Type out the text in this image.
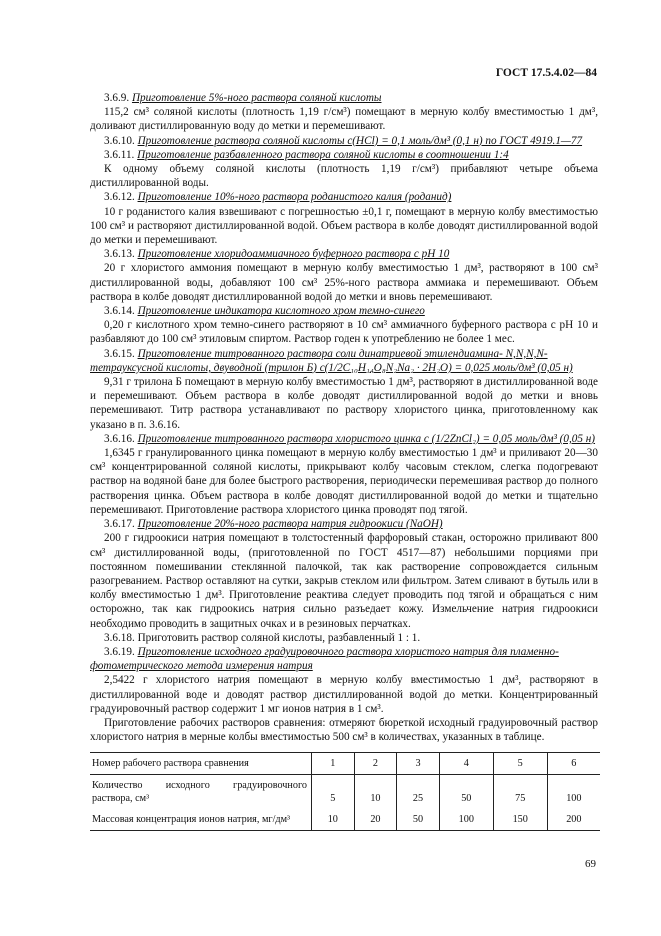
ГОСТ 17.5.4.02—84

3.6.9. Приготовление 5%-ного раствора соляной кислоты

115,2 см³ соляной кислоты (плотность 1,19 г/см³) помещают в мерную колбу вместимостью 1 дм³, доливают дистиллированную воду до метки и перемешивают.

3.6.10. Приготовление раствора соляной кислоты c(HCl) = 0,1 моль/дм³ (0,1 н) по ГОСТ 4919.1—77

3.6.11. Приготовление разбавленного раствора соляной кислоты в соотношении 1:4

К одному объему соляной кислоты (плотность 1,19 г/см³) прибавляют четыре объема дистиллированной воды.

3.6.12. Приготовление 10%-ного раствора роданистого калия (роданид)

10 г роданистого калия взвешивают с погрешностью ±0,1 г, помещают в мерную колбу вместимостью 100 см³ и растворяют дистиллированной водой. Объем раствора в колбе доводят дистиллированной водой до метки и перемешивают.

3.6.13. Приготовление хлоридоаммиачного буферного раствора с pH 10

20 г хлористого аммония помещают в мерную колбу вместимостью 1 дм³, растворяют в 100 см³ дистиллированной воды, добавляют 100 см³ 25%-ного раствора аммиака и перемешивают. Объем раствора в колбе доводят дистиллированной водой до метки и вновь перемешивают.

3.6.14. Приготовление индикатора кислотного хром темно-синего

0,20 г кислотного хром темно-синего растворяют в 10 см³ аммиачного буферного раствора с pH 10 и разбавляют до 100 см³ этиловым спиртом. Раствор годен к употреблению не более 1 мес.

3.6.15. Приготовление титрованного раствора соли динатриевой этилендиамина- N,N,N,N-тетрауксусной кислоты, двуводной (трилон Б) c(1/2C₁₀H₁₄O₈N₂Na₂ · 2H₂O) = 0,025 моль/дм³ (0,05 н)

9,31 г трилона Б помещают в мерную колбу вместимостью 1 дм³, растворяют в дистиллированной воде и перемешивают. Объем раствора в колбе доводят дистиллированной водой до метки и вновь перемешивают. Титр раствора устанавливают по раствору хлористого цинка, приготовленному как указано в п. 3.6.16.

3.6.16. Приготовление титрованного раствора хлористого цинка c (1/2ZnCl₂) = 0,05 моль/дм³ (0,05 н)

1,6345 г гранулированного цинка помещают в мерную колбу вместимостью 1 дм³ и приливают 20—30 см³ концентрированной соляной кислоты, прикрывают колбу часовым стеклом, слегка подогревают раствор на водяной бане для более быстрого растворения, периодически перемешивая раствор до полного растворения цинка. Объем раствора в колбе доводят дистиллированной водой до метки и тщательно перемешивают. Приготовление раствора хлористого цинка проводят под тягой.

3.6.17. Приготовление 20%-ного раствора натрия гидроокиси (NaOH)

200 г гидроокиси натрия помещают в толстостенный фарфоровый стакан, осторожно приливают 800 см³ дистиллированной воды, (приготовленной по ГОСТ 4517—87) небольшими порциями при постоянном помешивании стеклянной палочкой, так как растворение сопровождается сильным разогреванием. Раствор оставляют на сутки, закрыв стеклом или фильтром. Затем сливают в бутыль или в колбу вместимостью 1 дм³. Приготовление реактива следует проводить под тягой и обращаться с ним осторожно, так как гидроокись натрия сильно разъедает кожу. Измельчение натрия гидроокиси необходимо проводить в защитных очках и в резиновых перчатках.

3.6.18. Приготовить раствор соляной кислоты, разбавленный 1 : 1.

3.6.19. Приготовление исходного градуировочного раствора хлористого натрия для пламенно-фотометрического метода измерения натрия

2,5422 г хлористого натрия помещают в мерную колбу вместимостью 1 дм³, растворяют в дистиллированной воде и доводят раствор дистиллированной водой до метки. Концентрированный градуировочный раствор содержит 1 мг ионов натрия в 1 см³.

Приготовление рабочих растворов сравнения: отмеряют бюреткой исходный градуировочный раствор хлористого натрия в мерные колбы вместимостью 500 см³ в количествах, указанных в таблице.

Номер рабочего раствора сравнения	1	2	3	4	5	6
Количество исходного градуировочного раствора, см³	5	10	25	50	75	100
Массовая концентрация ионов натрия, мг/дм³	10	20	50	100	150	200
69
